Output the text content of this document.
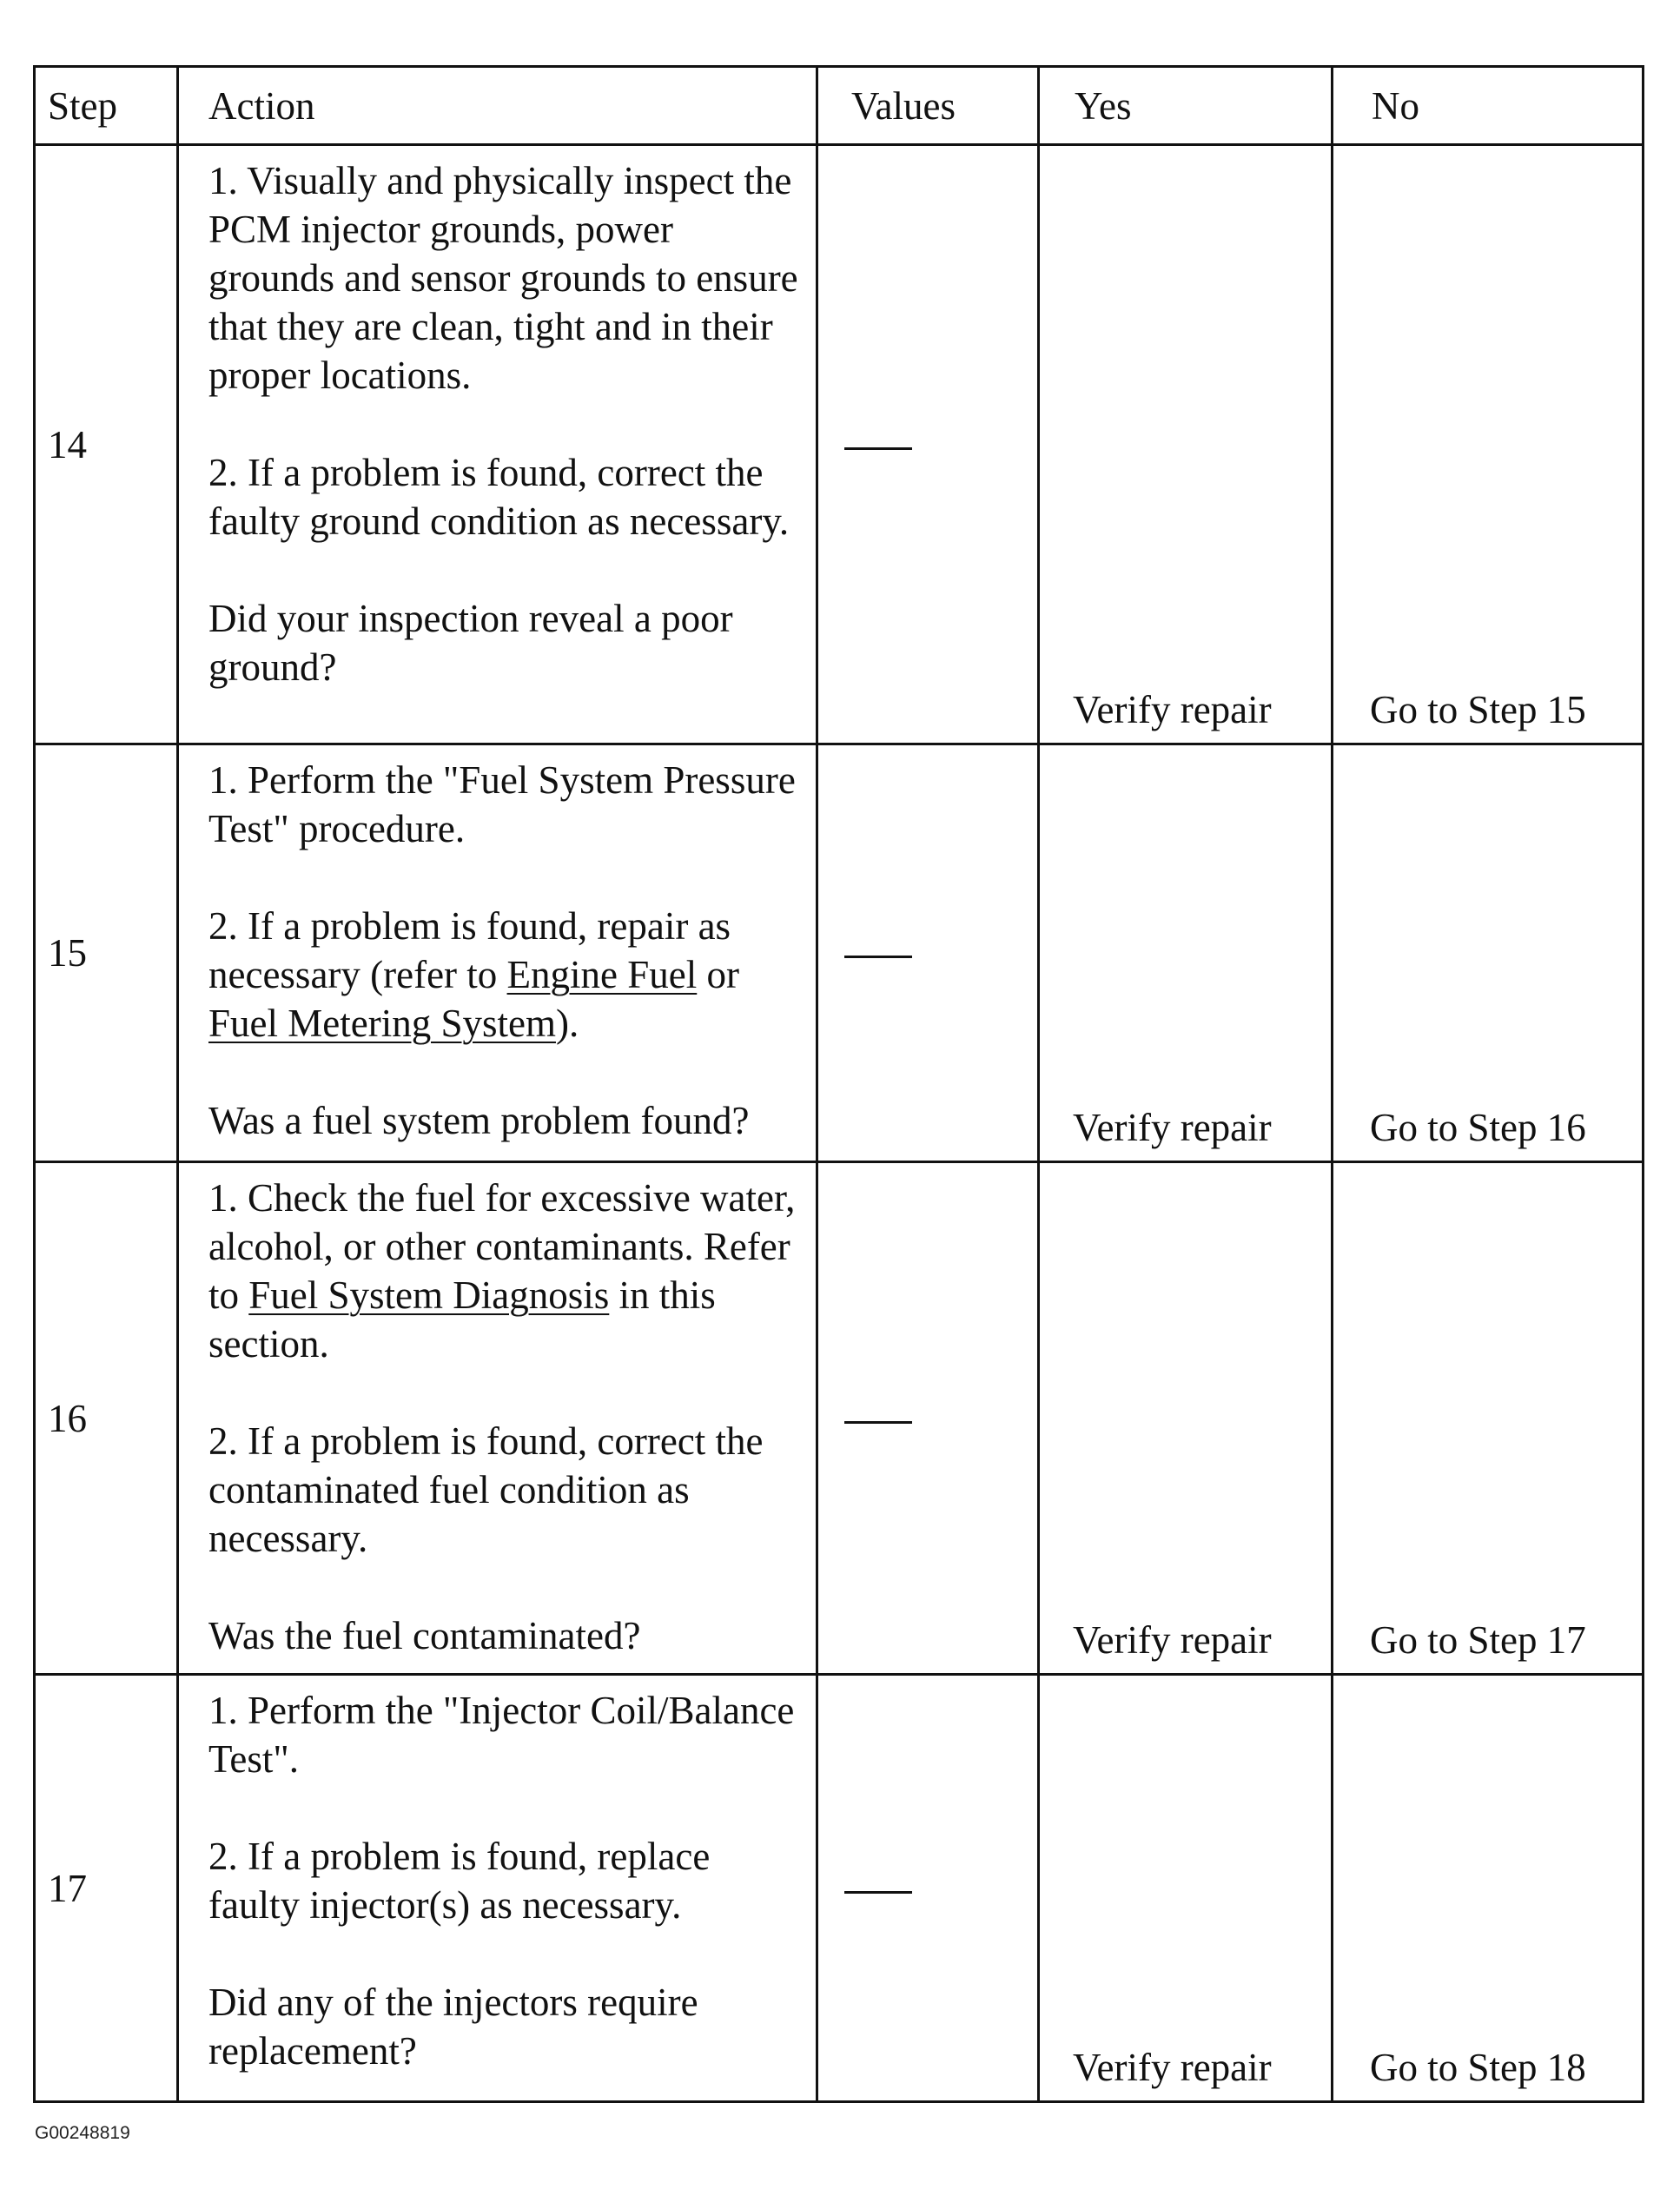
Step	Action	Values	Yes	No
14	1. Visually and physically inspect the PCM injector grounds, power grounds and sensor grounds to ensure that they are clean, tight and in their proper locations.
2. If a problem is found, correct the faulty ground condition as necessary.
Did your inspection reveal a poor ground?		Verify repair	Go to Step 15
15	1. Perform the "Fuel System Pressure Test" procedure.
2. If a problem is found, repair as necessary (refer to Engine Fuel or Fuel Metering System).
Was a fuel system problem found?		Verify repair	Go to Step 16
16	1. Check the fuel for excessive water, alcohol, or other contaminants. Refer to Fuel System Diagnosis in this section.
2. If a problem is found, correct the contaminated fuel condition as necessary.
Was the fuel contaminated?		Verify repair	Go to Step 17
17	1. Perform the "Injector Coil/Balance Test".
2. If a problem is found, replace faulty injector(s) as necessary.
Did any of the injectors require replacement?		Verify repair	Go to Step 18
G00248819
